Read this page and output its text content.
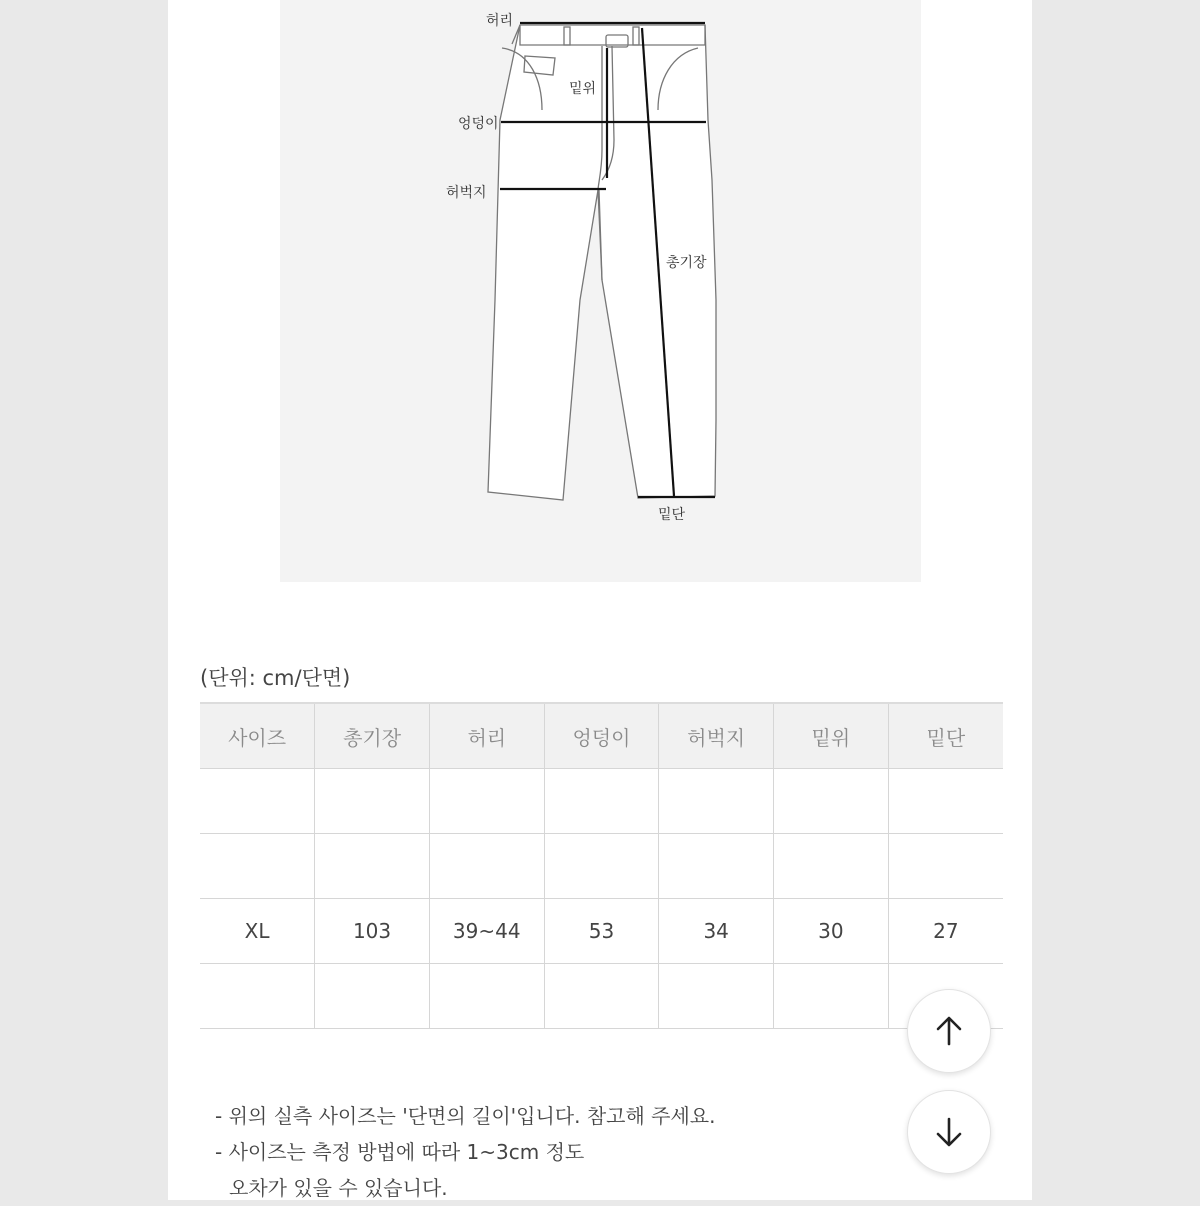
허리
밑위
엉덩이
허벅지
총기장
밑단
(단위: cm/단면)
사이즈	총기장	허리	엉덩이	허벅지	밑위	밑단

XL	103	39~44	53	34	30	27

- 위의 실측 사이즈는 '단면의 길이'입니다. 참고해 주세요.
- 사이즈는 측정 방법에 따라 1~3cm 정도
오차가 있을 수 있습니다.
